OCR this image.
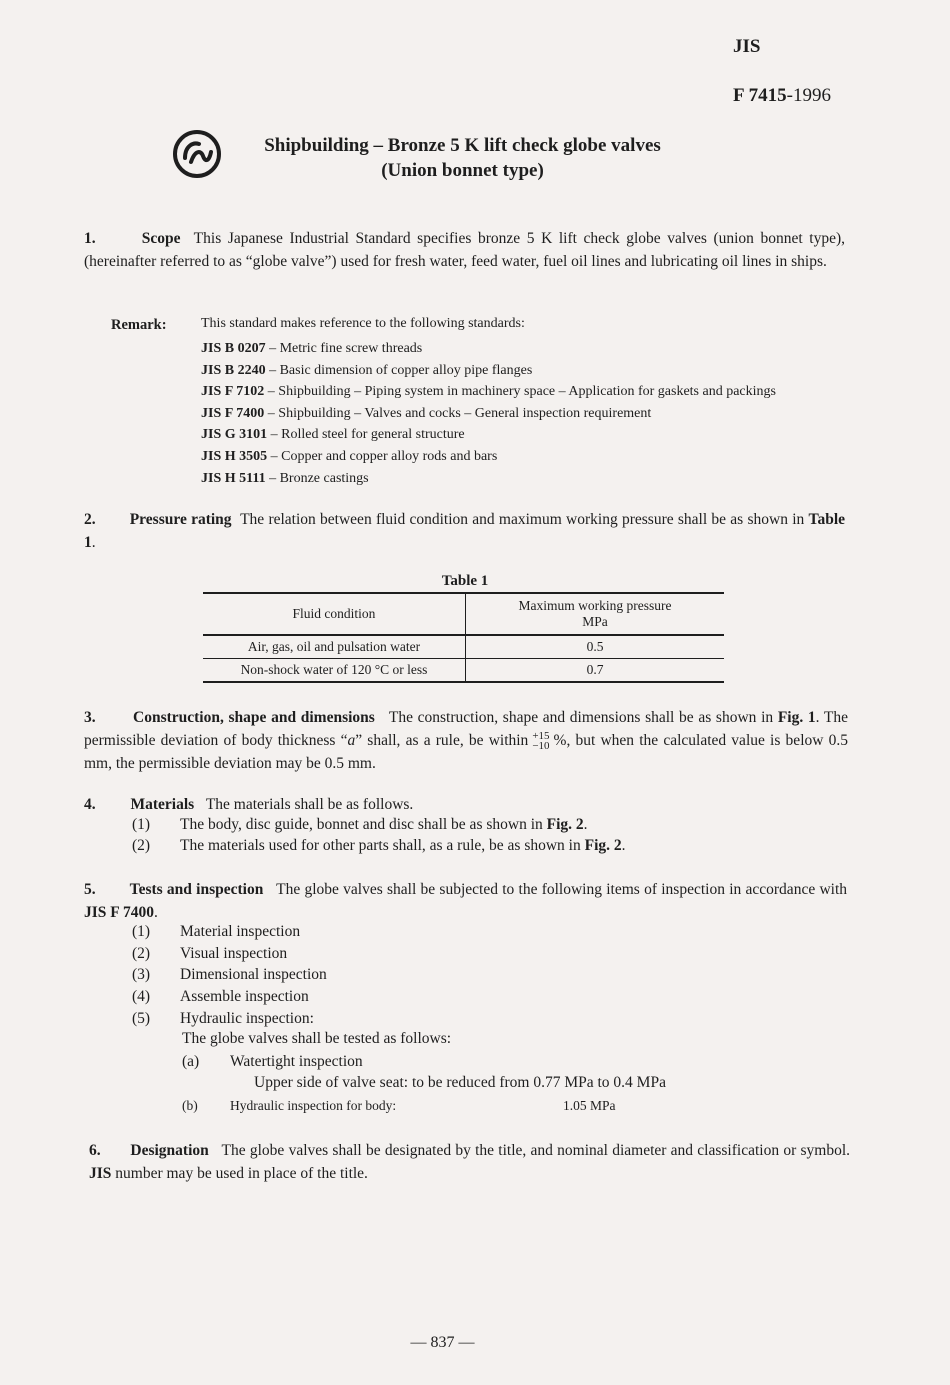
JIS
F 7415-1996
Shipbuilding – Bronze 5 K lift check globe valves
(Union bonnet type)
1.	Scope This Japanese Industrial Standard specifies bronze 5 K lift check globe valves (union bonnet type), (hereinafter referred to as “globe valve”) used for fresh water, feed water, fuel oil lines and lubricating oil lines in ships.
Remark: This standard makes reference to the following standards:
JIS B 0207 – Metric fine screw threads
JIS B 2240 – Basic dimension of copper alloy pipe flanges
JIS F 7102 – Shipbuilding – Piping system in machinery space – Application for gaskets and packings
JIS F 7400 – Shipbuilding – Valves and cocks – General inspection requirement
JIS G 3101 – Rolled steel for general structure
JIS H 3505 – Copper and copper alloy rods and bars
JIS H 5111 – Bronze castings
2. Pressure rating The relation between fluid condition and maximum working pressure shall be as shown in Table 1.
Table 1
Fluid condition	Maximum working pressure
MPa

Air, gas, oil and pulsation water	0.5
Non-shock water of 120 °C or less	0.7
3. Construction, shape and dimensions The construction, shape and dimensions shall be as shown in Fig. 1. The permissible deviation of body thickness “a” shall, as a rule, be within +15
−10 %, but when the calculated value is below 0.5 mm, the permissible deviation may be 0.5 mm.
4. Materials The materials shall be as follows.
(1) The body, disc guide, bonnet and disc shall be as shown in Fig. 2.
(2) The materials used for other parts shall, as a rule, be as shown in Fig. 2.
5. Tests and inspection The globe valves shall be subjected to the following items of inspection in accordance with JIS F 7400.
(1) Material inspection
(2) Visual inspection
(3) Dimensional inspection
(4) Assemble inspection
(5) Hydraulic inspection:
The globe valves shall be tested as follows:
(a) Watertight inspection
Upper side of valve seat: to be reduced from 0.77 MPa to 0.4 MPa
(b) Hydraulic inspection for body:	1.05 MPa
6. Designation The globe valves shall be designated by the title, and nominal diameter and classification or symbol. JIS number may be used in place of the title.
— 837 —
